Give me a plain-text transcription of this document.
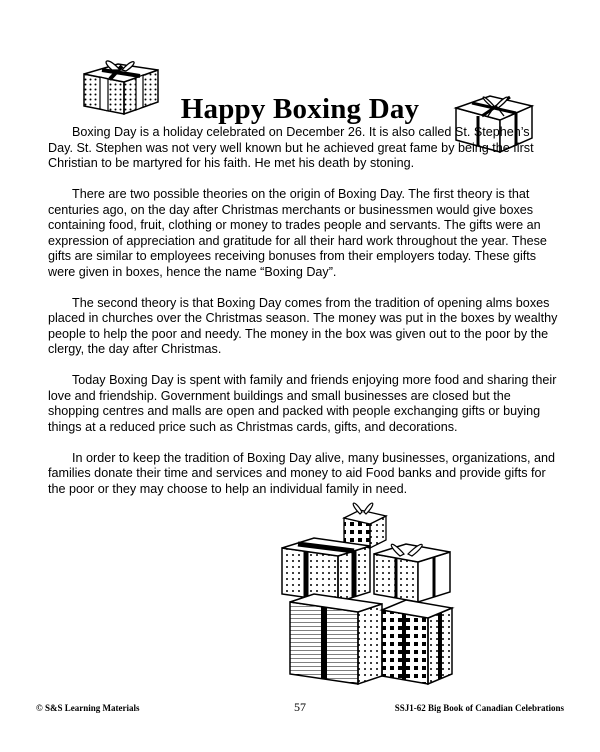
Happy Boxing Day

Boxing Day is a holiday celebrated on December 26. It is also called St. Stephen’s Day. St. Stephen was not very well known but he achieved great fame by being the first Christian to be martyred for his faith. He met his death by stoning.

There are two possible theories on the origin of Boxing Day. The first theory is that centuries ago, on the day after Christmas merchants or businessmen would give boxes containing food, fruit, clothing or money to trades people and servants. The gifts were an expression of appreciation and gratitude for all their hard work throughout the year. These gifts are similar to employees receiving bonuses from their employers today. These gifts were given in boxes, hence the name “Boxing Day”.

The second theory is that Boxing Day comes from the tradition of opening alms boxes placed in churches over the Christmas season. The money was put in the boxes by wealthy people to help the poor and needy. The money in the box was given out to the poor by the clergy, the day after Christmas.

Today Boxing Day is spent with family and friends enjoying more food and sharing their love and friendship. Government buildings and small businesses are closed but the shopping centres and malls are open and packed with people exchanging gifts or buying things at a reduced price such as Christmas cards, gifts, and decorations.

In order to keep the tradition of Boxing Day alive, many businesses, organizations, and families donate their time and services and money to aid Food banks and provide gifts for the poor or they may choose to help an individual family in need.

© S&S Learning Materials	57	SSJ1-62 Big Book of Canadian Celebrations
